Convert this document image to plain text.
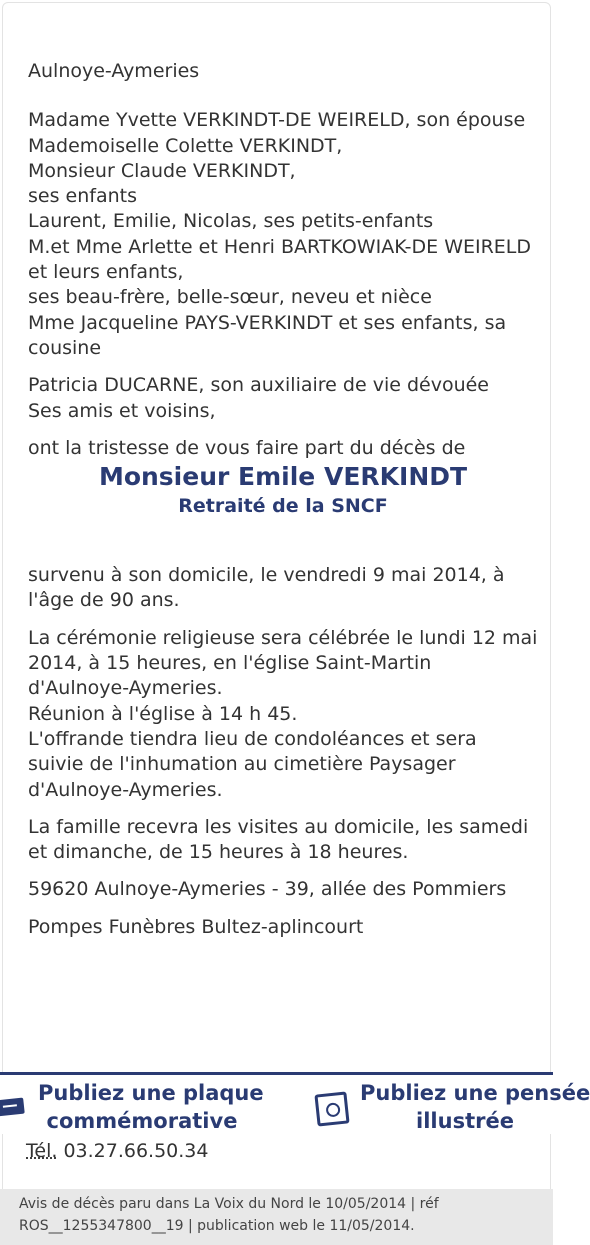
Aulnoye-Aymeries

Madame Yvette VERKINDT-DE WEIRELD, son épouse

Mademoiselle Colette VERKINDT,

Monsieur Claude VERKINDT,

ses enfants

Laurent, Emilie, Nicolas, ses petits-enfants

M.et Mme Arlette et Henri BARTKOWIAK-DE WEIRELD

et leurs enfants,

ses beau-frère, belle-sœur, neveu et nièce

Mme Jacqueline PAYS-VERKINDT et ses enfants, sa cousine

Patricia DUCARNE, son auxiliaire de vie dévouée

Ses amis et voisins,

ont la tristesse de vous faire part du décès de

Monsieur Emile VERKINDT

Retraité de la SNCF

survenu à son domicile, le vendredi 9 mai 2014, à l'âge de 90 ans.

La cérémonie religieuse sera célébrée le lundi 12 mai 2014, à 15 heures, en l'église Saint-Martin d'Aulnoye-Aymeries.

Réunion à l'église à 14 h 45.

L'offrande tiendra lieu de condoléances et sera suivie de l'inhumation au cimetière Paysager d'Aulnoye-Aymeries.

La famille recevra les visites au domicile, les samedi et dimanche, de 15 heures à 18 heures.

59620 Aulnoye-Aymeries - 39, allée des Pommiers

Pompes Funèbres Bultez-aplincourt

Publiez une plaque
commémorative
Publiez une pensée
illustrée
Tél. 03.27.66.50.34

Avis de décès paru dans La Voix du Nord le 10/05/2014 | réf ROS__1255347800__19 | publication web le 11/05/2014.
